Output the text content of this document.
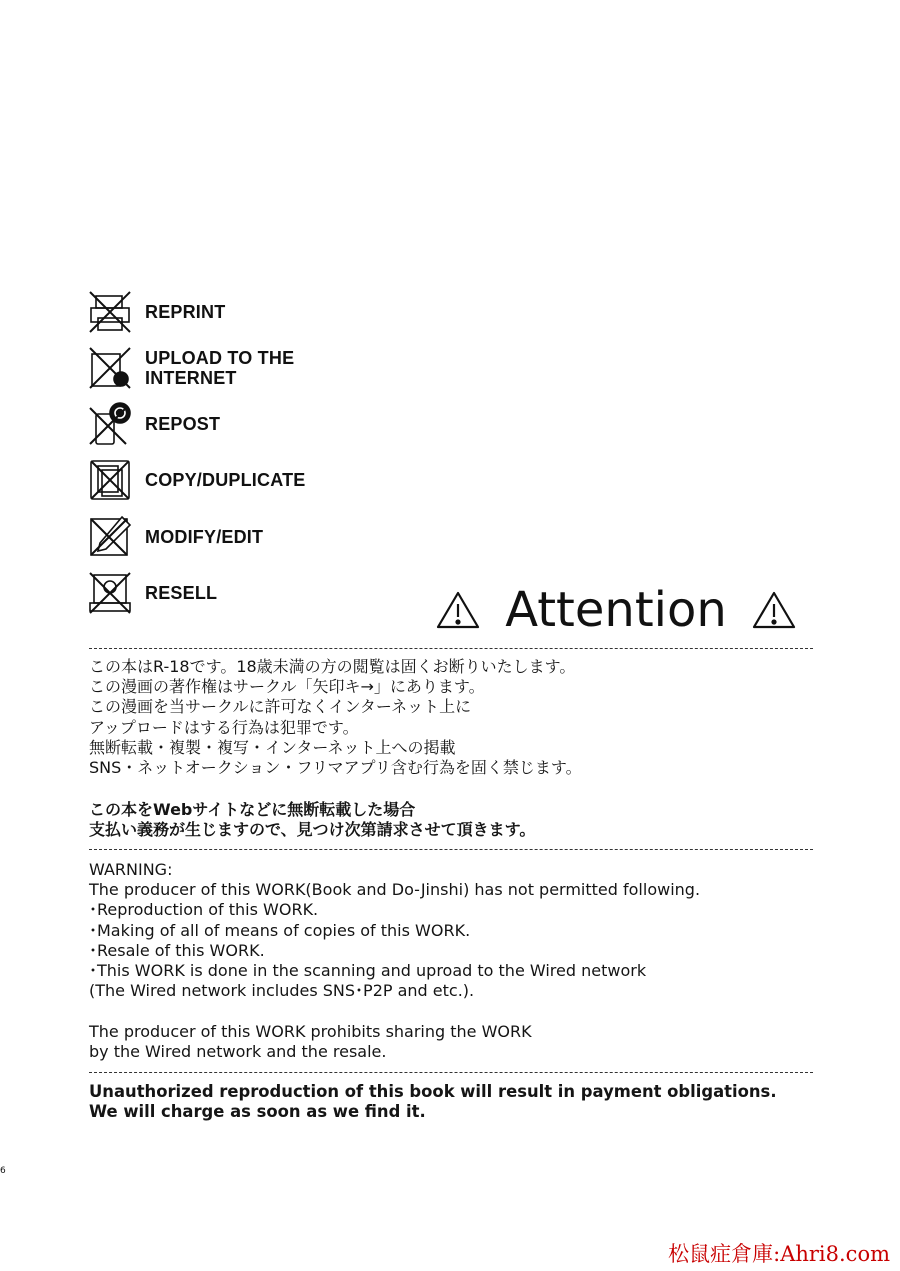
REPRINT
UPLOAD TO THE
INTERNET
REPOST
COPY/DUPLICATE
MODIFY/EDIT
RESELL	Attention
この本はR-18です。18歳未満の方の閲覧は固くお断りいたします。
この漫画の著作権はサークル「矢印キ→」にあります。
この漫画を当サークルに許可なくインターネット上に
アップロードはする行為は犯罪です。
無断転載・複製・複写・インターネット上への掲載
SNS・ネットオークション・フリマアプリ含む行為を固く禁じます。
この本をWebサイトなどに無断転載した場合
支払い義務が生じますので、見つけ次第請求させて頂きます。
WARNING:
The producer of this WORK(Book and Do-Jinshi) has not permitted following.
･Reproduction of this WORK.
･Making of all of means of copies of this WORK.
･Resale of this WORK.
･This WORK is done in the scanning and uproad to the Wired network
(The Wired network includes SNS･P2P and etc.).

The producer of this WORK prohibits sharing the WORK
by the Wired network and the resale.
Unauthorized reproduction of this book will result in payment obligations.
We will charge as soon as we find it.
6
松鼠症倉庫:Ahri8.com
